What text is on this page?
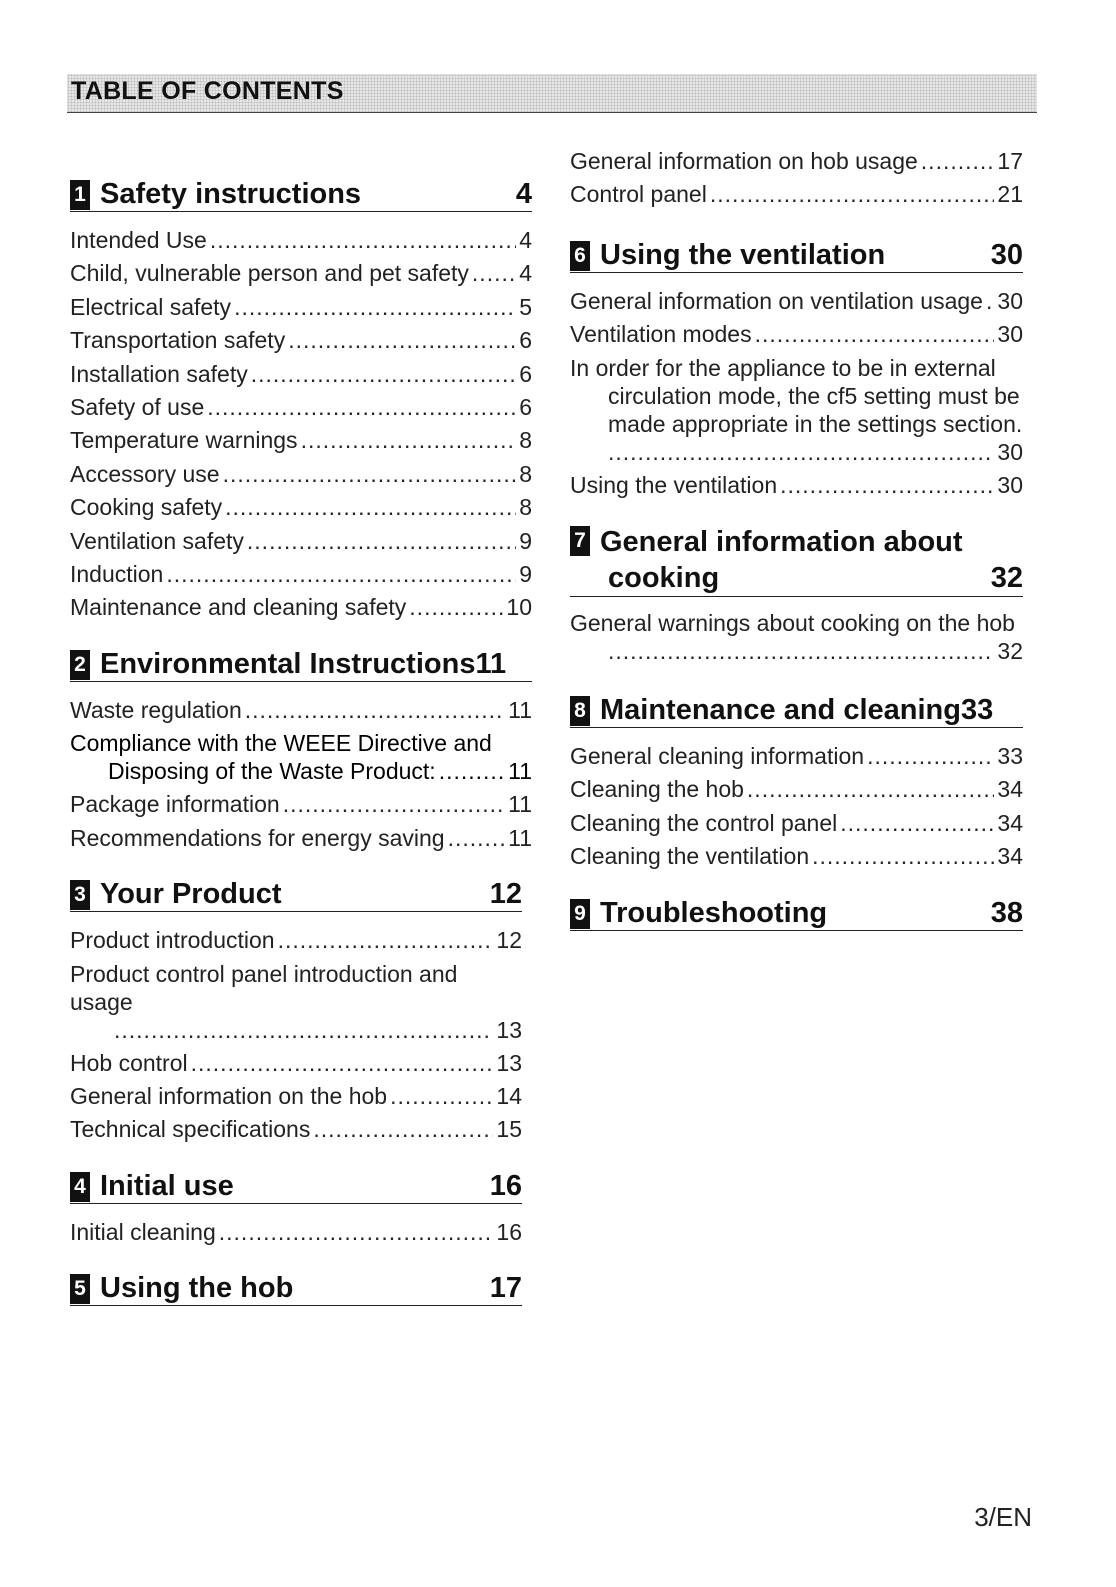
TABLE OF CONTENTS
1 Safety instructions	4
Intended Use .....	4
Child, vulnerable person and pet safety ..... 4
Electrical safety .....	5
Transportation safety .....	6
Installation safety .....	6
Safety of use .....	6
Temperature warnings .....	8
Accessory use .....	8
Cooking safety .....	8
Ventilation safety .....	9
Induction .....	9
Maintenance and cleaning safety .....	10
2 Environmental Instructions 11
Waste regulation .....	11
Compliance with the WEEE Directive and
Disposing of the Waste Product: .....	11
Package information .....	11
Recommendations for energy saving .....	11
3 Your Product	12
Product introduction .....	12
Product control panel introduction and usage
.....
13
Hob control .....	13
General information on the hob .....	14
Technical specifications .....	15
4 Initial use	16
Initial cleaning .....	16
5 Using the hob	17
General information on hob usage .....	17
Control panel .....	21
6 Using the ventilation	30
General information on ventilation usage ..... 30
Ventilation modes .....	30
In order for the appliance to be in external
circulation mode, the cf5 setting must be
made appropriate in the settings section.
.....
30
Using the ventilation .....	30
7 General information about
cooking	32
General warnings about cooking on the hob
.....
32
8 Maintenance and cleaning 33
General cleaning information .....	33
Cleaning the hob .....	34
Cleaning the control panel .....	34
Cleaning the ventilation .....	34
9 Troubleshooting	38
3/EN
